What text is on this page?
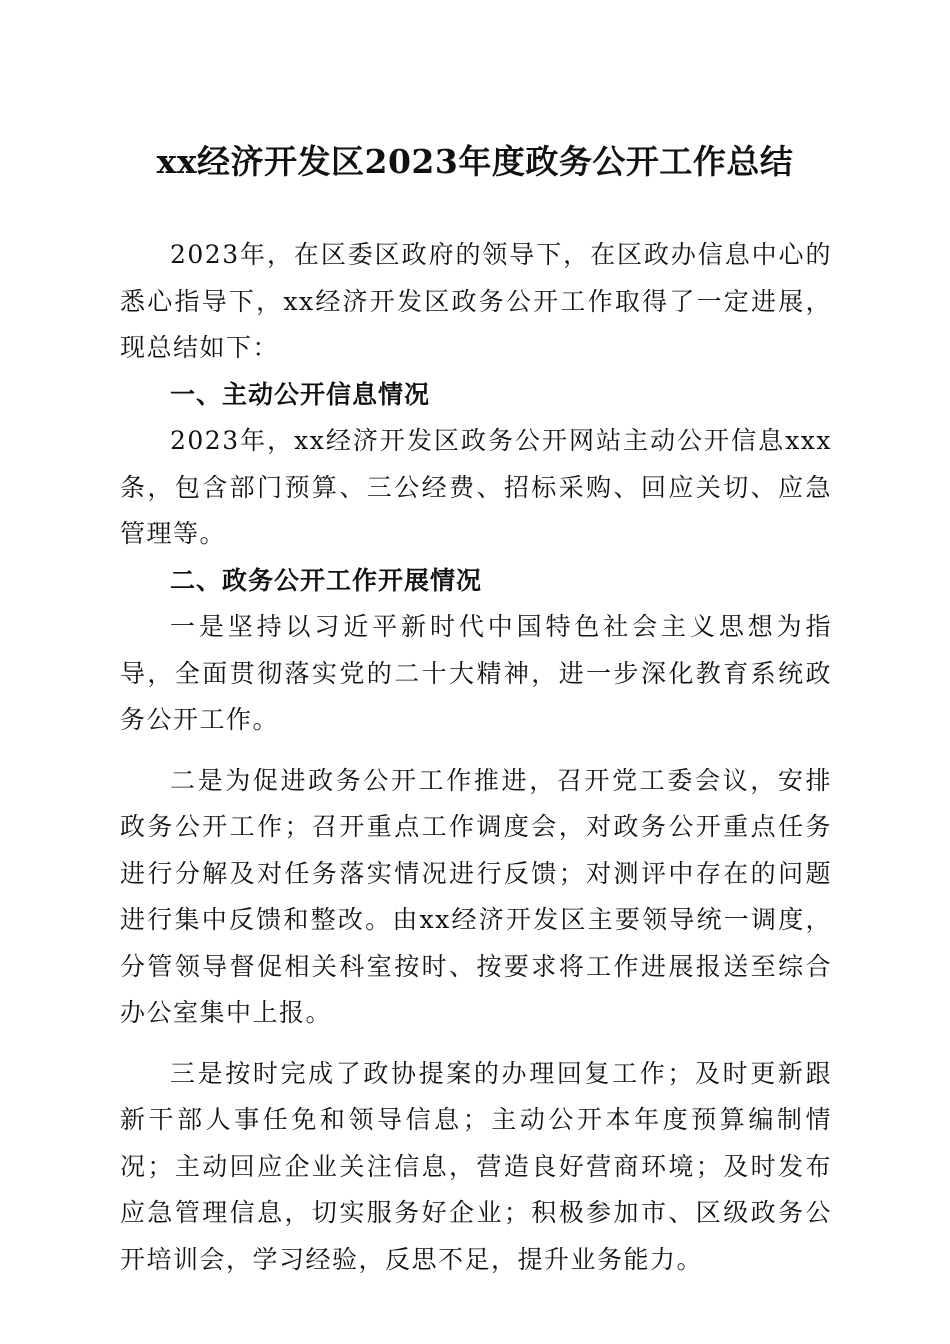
xx经济开发区2023年度政务公开工作总结

2023年，在区委区政府的领导下，在区政办信息中心的悉心指导下，xx经济开发区政务公开工作取得了一定进展，现总结如下：

一、主动公开信息情况

2023年，xx经济开发区政务公开网站主动公开信息xxx条，包含部门预算、三公经费、招标采购、回应关切、应急管理等。

二、政务公开工作开展情况

一是坚持以习近平新时代中国特色社会主义思想为指导，全面贯彻落实党的二十大精神，进一步深化教育系统政务公开工作。

二是为促进政务公开工作推进，召开党工委会议，安排政务公开工作；召开重点工作调度会，对政务公开重点任务进行分解及对任务落实情况进行反馈；对测评中存在的问题进行集中反馈和整改。由xx经济开发区主要领导统一调度，分管领导督促相关科室按时、按要求将工作进展报送至综合办公室集中上报。

三是按时完成了政协提案的办理回复工作；及时更新跟新干部人事任免和领导信息；主动公开本年度预算编制情况；主动回应企业关注信息，营造良好营商环境；及时发布应急管理信息，切实服务好企业；积极参加市、区级政务公开培训会，学习经验，反思不足，提升业务能力。
